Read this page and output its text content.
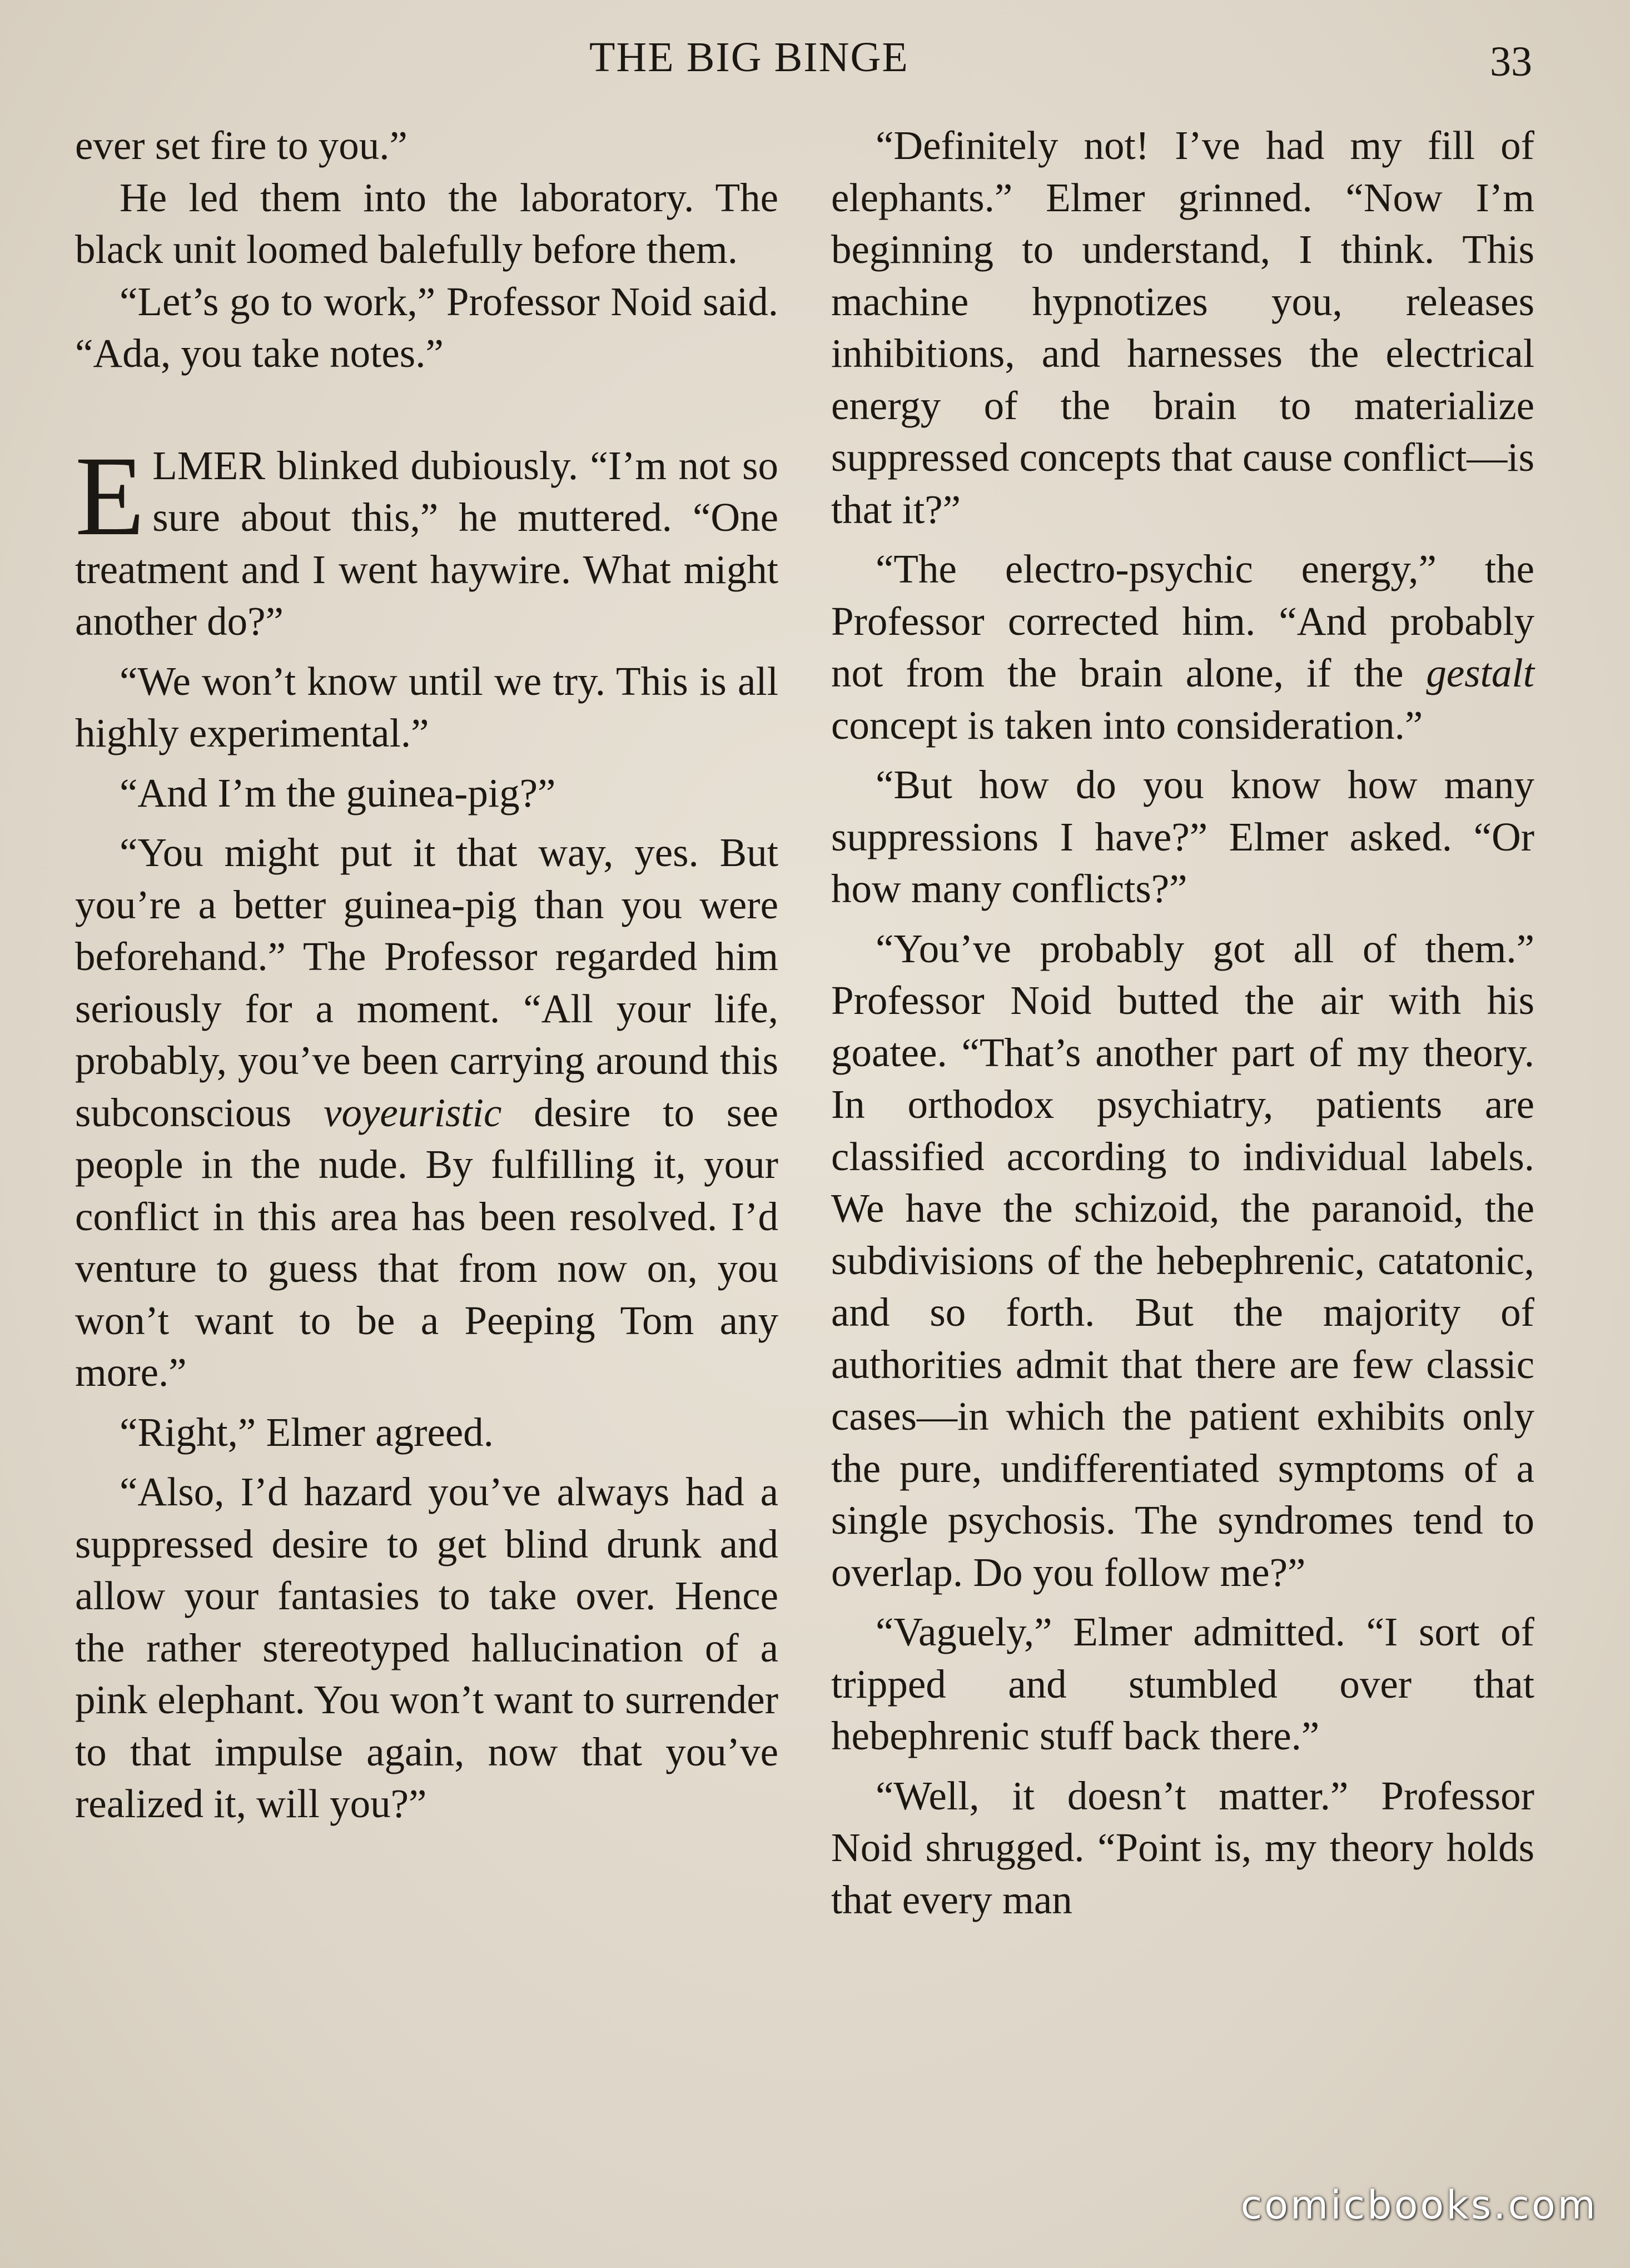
THE BIG BINGE	33

ever set fire to you.”

He led them into the laboratory. The black unit loomed balefully before them.

“Let’s go to work,” Professor Noid said. “Ada, you take notes.”

ELMER blinked dubiously. “I’m not so sure about this,” he muttered. “One treatment and I went haywire. What might another do?”

“We won’t know until we try. This is all highly experimental.”

“And I’m the guinea-pig?”

“You might put it that way, yes. But you’re a better guinea-pig than you were beforehand.” The Professor regarded him seriously for a moment. “All your life, probably, you’ve been carrying around this subconscious voyeuristic desire to see people in the nude. By fulfilling it, your conflict in this area has been resolved. I’d venture to guess that from now on, you won’t want to be a Peeping Tom any more.”

“Right,” Elmer agreed.

“Also, I’d hazard you’ve always had a suppressed desire to get blind drunk and allow your fantasies to take over. Hence the rather stereotyped hallucination of a pink elephant. You won’t want to surrender to that impulse again, now that you’ve realized it, will you?”

“Definitely not! I’ve had my fill of elephants.” Elmer grinned. “Now I’m beginning to understand, I think. This machine hypnotizes you, releases inhibitions, and harnesses the electrical energy of the brain to materialize suppressed concepts that cause conflict—is that it?”

“The electro-psychic energy,” the Professor corrected him. “And probably not from the brain alone, if the gestalt concept is taken into consideration.”

“But how do you know how many suppressions I have?” Elmer asked. “Or how many conflicts?”

“You’ve probably got all of them.” Professor Noid butted the air with his goatee. “That’s another part of my theory. In orthodox psychiatry, patients are classified according to individual labels. We have the schizoid, the paranoid, the subdivisions of the hebephrenic, catatonic, and so forth. But the majority of authorities admit that there are few classic cases—in which the patient exhibits only the pure, undifferentiated symptoms of a single psychosis. The syndromes tend to overlap. Do you follow me?”

“Vaguely,” Elmer admitted. “I sort of tripped and stumbled over that hebephrenic stuff back there.”

“Well, it doesn’t matter.” Professor Noid shrugged. “Point is, my theory holds that every man

comicbooks.com
